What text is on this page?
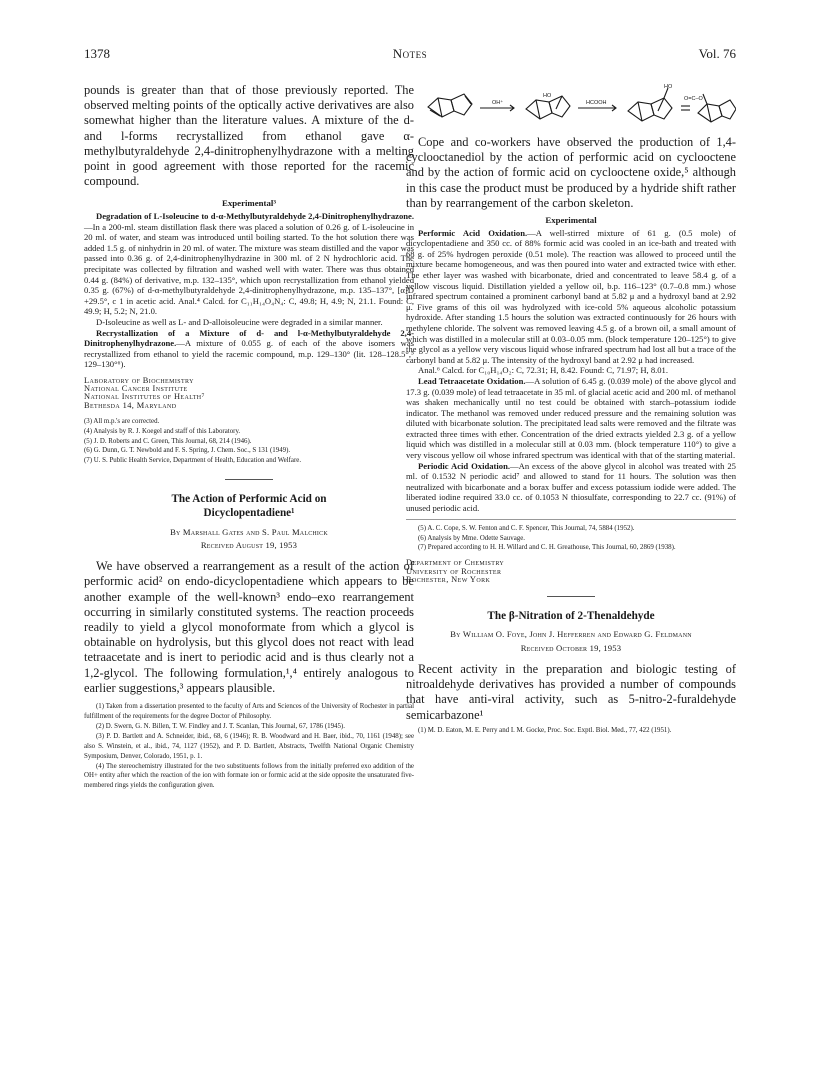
1378	Notes	Vol. 76

pounds is greater than that of those previously reported. The observed melting points of the optically active derivatives are also somewhat higher than the literature values. A mixture of the d- and l-forms recrystallized from ethanol gave α-methylbutyraldehyde 2,4-dinitrophenylhydrazone with a melting point in good agreement with those reported for the racemic compound.

Experimental³

Degradation of L-Isoleucine to d-α-Methylbutyraldehyde 2,4-Dinitrophenylhydrazone.—In a 200-ml. steam distillation flask there was placed a solution of 0.26 g. of L-isoleucine in 20 ml. of water, and steam was introduced until boiling started. To the hot solution there was added 1.5 g. of ninhydrin in 20 ml. of water. The mixture was steam distilled and the vapor was passed into 0.36 g. of 2,4-dinitrophenylhydrazine in 300 ml. of 2 N hydrochloric acid. The precipitate was collected by filtration and washed well with water. There was thus obtained 0.44 g. (84%) of derivative, m.p. 132–135°, which upon recrystallization from ethanol yielded 0.35 g. (67%) of d-α-methylbutyraldehyde 2,4-dinitrophenylhydrazone, m.p. 135–137°, [α]D +29.5°, c 1 in acetic acid. Anal.⁴ Calcd. for C₁₁H₁₄O₄N₄: C, 49.8; H, 4.9; N, 21.1. Found: C, 49.9; H, 5.2; N, 21.0.

D-Isoleucine as well as L- and D-alloisoleucine were degraded in a similar manner.

Recrystallization of a Mixture of d- and l-α-Methylbutyraldehyde 2,4-Dinitrophenylhydrazone.—A mixture of 0.055 g. of each of the above isomers was recrystallized from ethanol to yield the racemic compound, m.p. 129–130° (lit. 128–128.5°,⁵ 129–130°⁶).

Laboratory of Biochemistry

National Cancer Institute

National Institutes of Health⁷

Bethesda 14, Maryland

(3) All m.p.'s are corrected.

(4) Analysis by R. J. Koegel and staff of this Laboratory.

(5) J. D. Roberts and C. Green, This Journal, 68, 214 (1946).

(6) G. Dunn, G. T. Newbold and F. S. Spring, J. Chem. Soc., S 131 (1949).

(7) U. S. Public Health Service, Department of Health, Education and Welfare.

The Action of Performic Acid on Dicyclopentadiene¹

By Marshall Gates and S. Paul Malchick

Received August 19, 1953

We have observed a rearrangement as a result of the action of performic acid² on endo-dicyclopentadiene which appears to be another example of the well-known³ endo–exo rearrangement occurring in similarly constituted systems. The reaction proceeds readily to yield a glycol monoformate from which a glycol is obtainable on hydrolysis, but this glycol does not react with lead tetraacetate and is inert to periodic acid and is thus clearly not a 1,2-glycol. The following formulation,¹,⁴ entirely analogous to earlier suggestions,³ appears plausible.

(1) Taken from a dissertation presented to the faculty of Arts and Sciences of the University of Rochester in partial fulfillment of the requirements for the degree Doctor of Philosophy.

(2) D. Swern, G. N. Billen, T. W. Findley and J. T. Scanlan, This Journal, 67, 1786 (1945).

(3) P. D. Bartlett and A. Schneider, ibid., 68, 6 (1946); R. B. Woodward and H. Baer, ibid., 70, 1161 (1948); see also S. Winstein, et al., ibid., 74, 1127 (1952), and P. D. Bartlett, Abstracts, Twelfth National Organic Chemistry Symposium, Denver, Colorado, 1951, p. 1.

(4) The stereochemistry illustrated for the two substituents follows from the initially preferred exo addition of the OH+ entity after which the reaction of the ion with formate ion or formic acid at the side opposite the unsaturated five-membered rings yields the configuration given.

OH⁺	HCOOH
HO
HO
O=C–O

Cope and co-workers have observed the production of 1,4-cyclooctanediol by the action of performic acid on cyclooctene and by the action of formic acid on cyclooctene oxide,⁵ although in this case the product must be produced by a hydride shift rather than by rearrangement of the carbon skeleton.

Experimental

Performic Acid Oxidation.—A well-stirred mixture of 61 g. (0.5 mole) of dicyclopentadiene and 350 cc. of 88% formic acid was cooled in an ice-bath and treated with 68 g. of 25% hydrogen peroxide (0.51 mole). The reaction was allowed to proceed until the mixture became homogeneous, and was then poured into water and extracted twice with ether. The ether layer was washed with bicarbonate, dried and concentrated to leave 58.4 g. of a yellow viscous liquid. Distillation yielded a yellow oil, b.p. 116–123° (0.7–0.8 mm.) whose infrared spectrum contained a prominent carbonyl band at 5.82 μ and a hydroxyl band at 2.92 μ. Five grams of this oil was hydrolyzed with ice-cold 5% aqueous alcoholic potassium hydroxide. After standing 1.5 hours the solution was extracted continuously for 26 hours with methylene chloride. The solvent was removed leaving 4.5 g. of a brown oil, a small amount of which was distilled in a molecular still at 0.03–0.05 mm. (block temperature 120–125°) to give the glycol as a yellow very viscous liquid whose infrared spectrum had lost all but a trace of the carbonyl band at 5.82 μ. The intensity of the hydroxyl band at 2.92 μ had increased.

Anal.⁶ Calcd. for C₁₀H₁₄O₂: C, 72.31; H, 8.42. Found: C, 71.97; H, 8.01.

Lead Tetraacetate Oxidation.—A solution of 6.45 g. (0.039 mole) of the above glycol and 17.3 g. (0.039 mole) of lead tetraacetate in 35 ml. of glacial acetic acid and 200 ml. of methanol was shaken mechanically until no test could be obtained with starch–potassium iodide indicator. The methanol was removed under reduced pressure and the remaining solution was diluted with bicarbonate solution. The precipitated lead salts were removed and the filtrate was extracted three times with ether. Concentration of the dried extracts yielded 2.3 g. of a yellow liquid which was distilled in a molecular still at 0.03 mm. (block temperature 110°) to give a very viscous yellow oil whose infrared spectrum was identical with that of the starting material.

Periodic Acid Oxidation.—An excess of the above glycol in alcohol was treated with 25 ml. of 0.1532 N periodic acid⁷ and allowed to stand for 11 hours. The solution was then neutralized with bicarbonate and a borax buffer and excess potassium iodide were added. The liberated iodine required 33.0 cc. of 0.1053 N thiosulfate, corresponding to 22.7 cc. (91%) of unused periodic acid.

(5) A. C. Cope, S. W. Fenton and C. F. Spencer, This Journal, 74, 5884 (1952).

(6) Analysis by Mme. Odette Sauvage.

(7) Prepared according to H. H. Willard and C. H. Greathouse, This Journal, 60, 2869 (1938).

Department of Chemistry

University of Rochester

Rochester, New York

The β-Nitration of 2-Thenaldehyde

By William O. Foye, John J. Hefferren and Edward G. Feldmann

Received October 19, 1953

Recent activity in the preparation and biologic testing of nitroaldehyde derivatives has provided a number of compounds that have anti-viral activity, such as 5-nitro-2-furaldehyde semicarbazone¹

(1) M. D. Eaton, M. E. Perry and I. M. Gocke, Proc. Soc. Exptl. Biol. Med., 77, 422 (1951).
